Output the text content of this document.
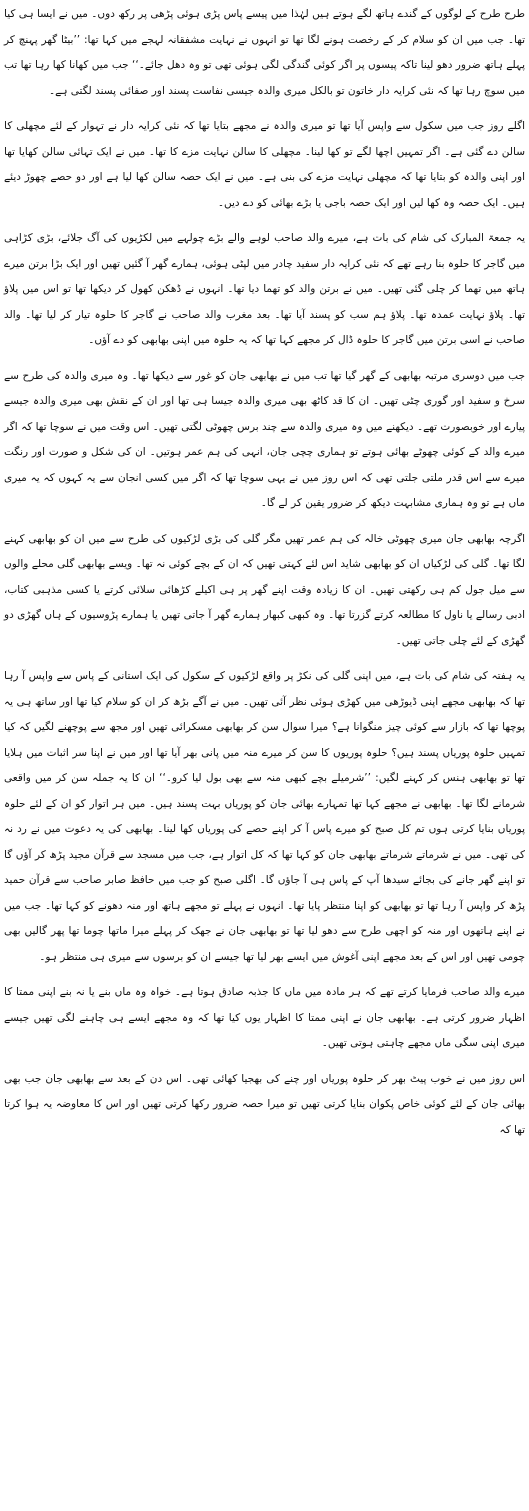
طرح طرح کے لوگوں کے گندے ہاتھ لگے ہوتے ہیں لہٰذا میں پیسے پاس پڑی ہوئی پڑھی پر رکھ دوں۔ میں نے ایسا ہی کیا تھا۔ جب میں ان کو سلام کر کے رخصت ہونے لگا تھا تو انہوں نے نہایت مشفقانہ لہجے میں کہا تھا: ’’بیٹا گھر پہنچ کر پہلے ہاتھ ضرور دھو لینا تاکہ پیسوں پر اگر کوئی گندگی لگی ہوئی تھی تو وہ دھل جائے۔‘‘ جب میں کھانا کھا رہا تھا تب میں سوچ رہا تھا کہ نئی کرایہ دار خاتون تو بالکل میری والدہ جیسی نفاست پسند اور صفائی پسند لگتی ہے۔

اگلے روز جب میں سکول سے واپس آیا تھا تو میری والدہ نے مجھے بتایا تھا کہ نئی کرایہ دار نے تہوار کے لئے مچھلی کا سالن دے گئی ہے۔ اگر تمہیں اچھا لگے تو کھا لینا۔ مچھلی کا سالن نہایت مزے کا تھا۔ میں نے ایک تہائی سالن کھایا تھا اور اپنی والدہ کو بتایا تھا کہ مچھلی نہایت مزے کی بنی ہے۔ میں نے ایک حصہ سالن کھا لیا ہے اور دو حصے چھوڑ دیئے ہیں۔ ایک حصہ وہ کھا لیں اور ایک حصہ باجی یا بڑے بھائی کو دے دیں۔

یہ جمعۃ المبارک کی شام کی بات ہے، میرے والد صاحب لوہے والے بڑے چولہے میں لکڑیوں کی آگ جلائے، بڑی کڑاہی میں گاجر کا حلوہ بنا رہے تھے کہ نئی کرایہ دار سفید چادر میں لپٹی ہوئی، ہمارے گھر آ گئیں تھیں اور ایک بڑا برتن میرے ہاتھ میں تھما کر چلی گئی تھیں۔ میں نے برتن والد کو تھما دیا تھا۔ انہوں نے ڈھکن کھول کر دیکھا تھا تو اس میں پلاؤ تھا۔ پلاؤ نہایت عمدہ تھا۔ پلاؤ ہم سب کو پسند آیا تھا۔ بعد مغرب والد صاحب نے گاجر کا حلوہ تیار کر لیا تھا۔ والد صاحب نے اسی برتن میں گاجر کا حلوہ ڈال کر مجھے کہا تھا کہ یہ حلوہ میں اپنی بھابھی کو دے آؤں۔

جب میں دوسری مرتبہ بھابھی کے گھر گیا تھا تب میں نے بھابھی جان کو غور سے دیکھا تھا۔ وہ میری والدہ کی طرح سے سرخ و سفید اور گوری چٹی تھیں۔ ان کا قد کاٹھ بھی میری والدہ جیسا ہی تھا اور ان کے نقش بھی میری والدہ جیسے پیارے اور خوبصورت تھے۔ دیکھنے میں وہ میری والدہ سے چند برس چھوٹی لگتی تھیں۔ اس وقت میں نے سوچا تھا کہ اگر میرے والد کے کوئی چھوٹے بھائی ہوتے تو ہماری چچی جان، انہی کی ہم عمر ہوتیں۔ ان کی شکل و صورت اور رنگت میرے سے اس قدر ملتی جلتی تھی کہ اس روز میں نے یہی سوچا تھا کہ اگر میں کسی انجان سے یہ کہوں کہ یہ میری ماں ہے تو وہ ہماری مشابہت دیکھ کر ضرور یقین کر لے گا۔

اگرچہ بھابھی جان میری چھوٹی خالہ کی ہم عمر تھیں مگر گلی کی بڑی لڑکیوں کی طرح سے میں ان کو بھابھی کہنے لگا تھا۔ گلی کی لڑکیاں ان کو بھابھی شاید اس لئے کہتی تھیں کہ ان کے بچے کوئی نہ تھا۔ ویسے بھابھی گلی محلے والوں سے میل جول کم ہی رکھتی تھیں۔ ان کا زیادہ وقت اپنے گھر پر ہی اکیلے کڑھائی سلائی کرتے یا کسی مذہبی کتاب، ادبی رسالے یا ناول کا مطالعہ کرتے گزرتا تھا۔ وہ کبھی کبھار ہمارے گھر آ جاتی تھیں یا ہمارے پڑوسیوں کے ہاں گھڑی دو گھڑی کے لئے چلی جاتی تھیں۔

یہ ہفتہ کی شام کی بات ہے، میں اپنی گلی کی نکڑ پر واقع لڑکیوں کے سکول کی ایک استانی کے پاس سے واپس آ رہا تھا کہ بھابھی مجھے اپنی ڈیوڑھی میں کھڑی ہوئی نظر آئی تھیں۔ میں نے آگے بڑھ کر ان کو سلام کیا تھا اور ساتھ ہی یہ پوچھا تھا کہ بازار سے کوئی چیز منگوانا ہے؟ میرا سوال سن کر بھابھی مسکرائی تھیں اور مجھ سے پوچھنے لگیں کہ کیا تمہیں حلوہ پوریاں پسند ہیں؟ حلوہ پوریوں کا سن کر میرے منہ میں پانی بھر آیا تھا اور میں نے اپنا سر اثبات میں ہلایا تھا تو بھابھی ہنس کر کہنے لگیں: ’’شرمیلے بچے کبھی منہ سے بھی بول لیا کرو۔‘‘ ان کا یہ جملہ سن کر میں واقعی شرمانے لگا تھا۔ بھابھی نے مجھے کہا تھا تمہارے بھائی جان کو پوریاں بہت پسند ہیں۔ میں ہر اتوار کو ان کے لئے حلوہ پوریاں بنایا کرتی ہوں تم کل صبح کو میرے پاس آ کر اپنے حصے کی پوریاں کھا لینا۔ بھابھی کی یہ دعوت میں نے رد نہ کی تھی۔ میں نے شرماتے شرماتے بھابھی جان کو کہا تھا کہ کل اتوار ہے، جب میں مسجد سے قرآن مجید پڑھ کر آؤں گا تو اپنے گھر جانے کی بجائے سیدھا آپ کے پاس ہی آ جاؤں گا۔ اگلی صبح کو جب میں حافظ صابر صاحب سے قرآن حمید پڑھ کر واپس آ رہا تھا تو بھابھی کو اپنا منتظر پایا تھا۔ انہوں نے پہلے تو مجھے ہاتھ اور منہ دھونے کو کہا تھا۔ جب میں نے اپنے ہاتھوں اور منہ کو اچھی طرح سے دھو لیا تھا تو بھابھی جان نے جھک کر پہلے میرا ماتھا چوما تھا پھر گالیں بھی چومی تھیں اور اس کے بعد مجھے اپنی آغوش میں ایسے بھر لیا تھا جیسے ان کو برسوں سے میری ہی منتظر ہو۔

میرے والد صاحب فرمایا کرتے تھے کہ ہر مادہ میں ماں کا جذبہ صادق ہوتا ہے۔ خواہ وہ ماں بنے یا نہ بنے اپنی ممتا کا اظہار ضرور کرتی ہے۔ بھابھی جان نے اپنی ممتا کا اظہار یوں کیا تھا کہ وہ مجھے ایسے ہی چاہنے لگی تھیں جیسے میری اپنی سگی ماں مجھے چاہتی ہوتی تھیں۔

اس روز میں نے خوب پیٹ بھر کر حلوہ پوریاں اور چنے کی بھجیا کھائی تھی۔ اس دن کے بعد سے بھابھی جان جب بھی بھائی جان کے لئے کوئی خاص پکوان بنایا کرتی تھیں تو میرا حصہ ضرور رکھا کرتی تھیں اور اس کا معاوضہ یہ ہوا کرتا تھا کہ
